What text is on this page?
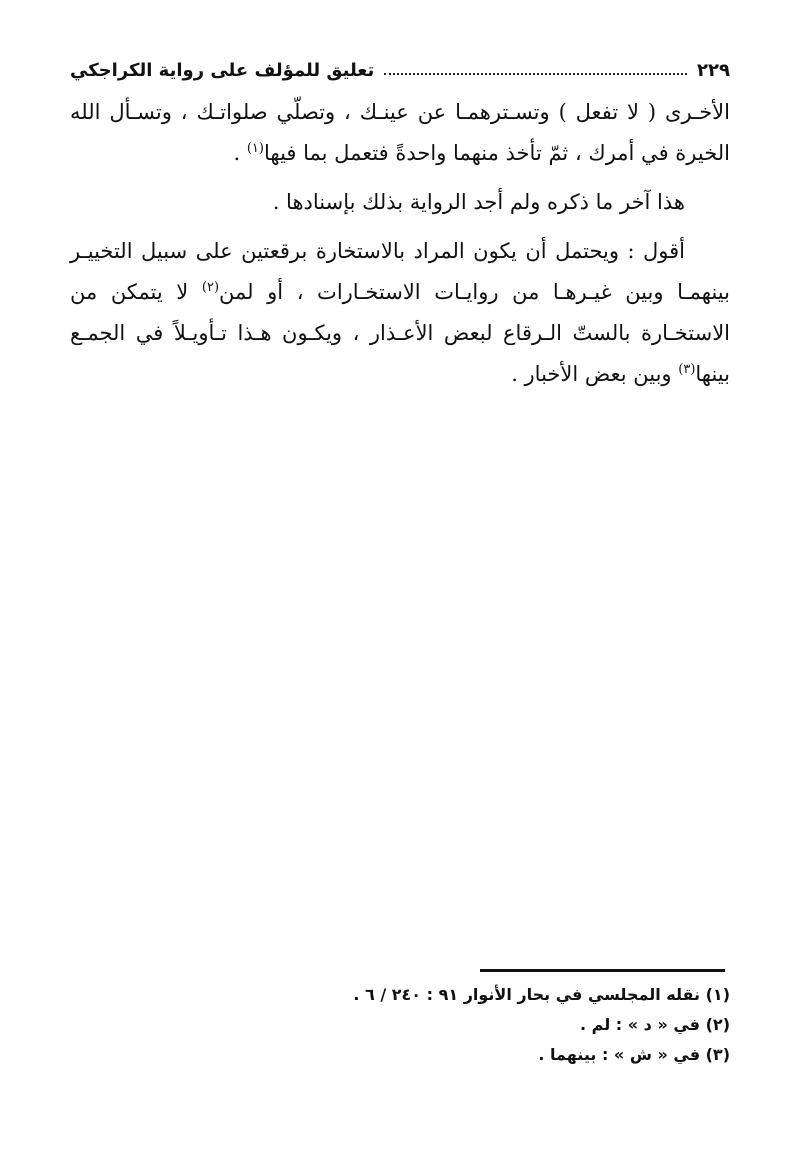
تعليق للمؤلف على رواية الكراجكي	٢٢٩

الأخـرى ( لا تفعل ) وتسـترهمـا عن عينـك ، وتصلّي صلواتـك ، وتسـأل الله الخيرة في أمرك ، ثمّ تأخذ منهما واحدةً فتعمل بما فيها$^{(١)}$ .

هذا آخر ما ذكره ولم أجد الرواية بذلك بإسنادها .

أقول : ويحتمل أن يكون المراد بالاستخارة برقعتين على سبيل التخييـر بينهمـا وبين غيـرهـا من روايـات الاستخـارات ، أو لمن$^{(٢)}$ لا يتمكن من الاستخـارة بالستّ الـرقاع لبعض الأعـذار ، ويكـون هـذا تـأويـلاً في الجمـع بينها$^{(٣)}$ وبين بعض الأخبار .

(١) نقله المجلسي في بحار الأنوار ٩١ : ٢٤٠ / ٦ .

(٢) في « د » : لم .

(٣) في « ش » : بينهما .
